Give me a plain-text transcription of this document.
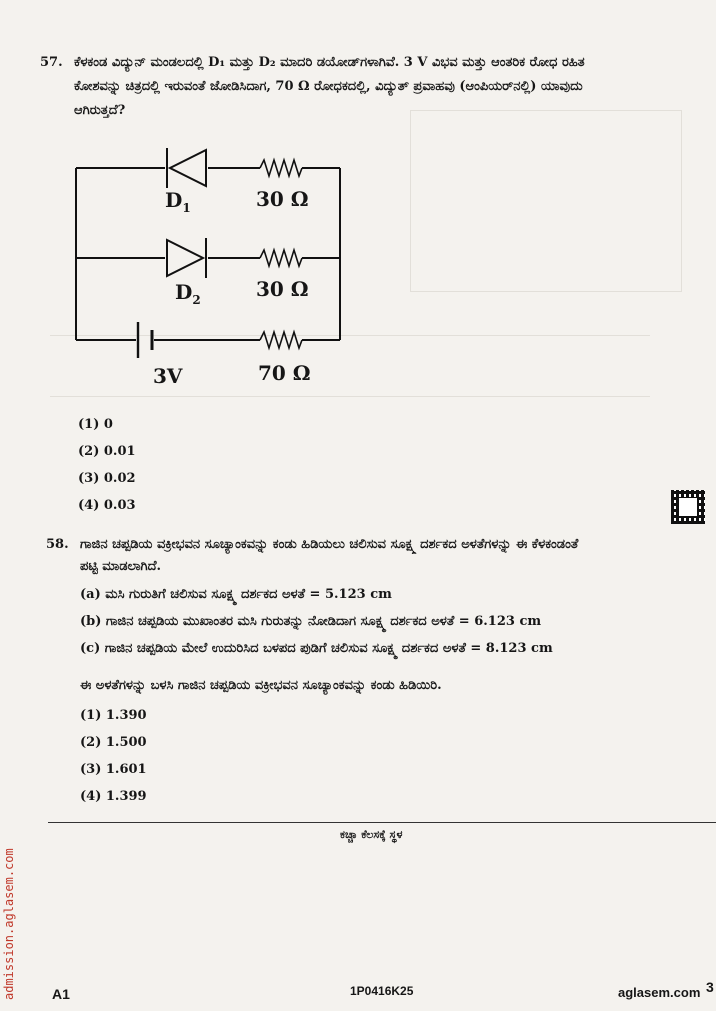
57. ಕೆಳಕಂಡ ವಿದ್ಯುನ್ ಮಂಡಲದಲ್ಲಿ D₁ ಮತ್ತು D₂ ಮಾದರಿ ಡಯೋಡ್‌ಗಳಾಗಿವೆ. 3 V ವಿಭವ ಮತ್ತು ಆಂತರಿಕ ರೋಧ ರಹಿತ
ಕೋಶವನ್ನು ಚಿತ್ರದಲ್ಲಿ ಇರುವಂತೆ ಜೋಡಿಸಿದಾಗ, 70 Ω ರೋಧಕದಲ್ಲಿ, ವಿದ್ಯುತ್ ಪ್ರವಾಹವು (ಆಂಪಿಯರ್‌ನಲ್ಲಿ) ಯಾವುದು
ಆಗಿರುತ್ತದೆ?
$D_1$	30 Ω
$D_2$	30 Ω
3V	70 Ω
(1) 0
(2) 0.01
(3) 0.02
(4) 0.03
58. ಗಾಜಿನ ಚಪ್ಪಡಿಯ ವಕ್ರೀಭವನ ಸೂಚ್ಯಾಂಕವನ್ನು ಕಂಡು ಹಿಡಿಯಲು ಚಲಿಸುವ ಸೂಕ್ಷ್ಮ ದರ್ಶಕದ ಅಳತೆಗಳನ್ನು ಈ ಕೆಳಕಂಡಂತೆ
ಪಟ್ಟಿ ಮಾಡಲಾಗಿದೆ.
(a) ಮಸಿ ಗುರುತಿಗೆ ಚಲಿಸುವ ಸೂಕ್ಷ್ಮ ದರ್ಶಕದ ಅಳತೆ = 5.123 cm
(b) ಗಾಜಿನ ಚಪ್ಪಡಿಯ ಮುಖಾಂತರ ಮಸಿ ಗುರುತನ್ನು ನೋಡಿದಾಗ ಸೂಕ್ಷ್ಮ ದರ್ಶಕದ ಅಳತೆ = 6.123 cm
(c) ಗಾಜಿನ ಚಪ್ಪಡಿಯ ಮೇಲೆ ಉದುರಿಸಿದ ಬಳಪದ ಪುಡಿಗೆ ಚಲಿಸುವ ಸೂಕ್ಷ್ಮ ದರ್ಶಕದ ಅಳತೆ = 8.123 cm
ಈ ಅಳತೆಗಳನ್ನು ಬಳಸಿ ಗಾಜಿನ ಚಪ್ಪಡಿಯ ವಕ್ರೀಭವನ ಸೂಚ್ಯಾಂಕವನ್ನು ಕಂಡು ಹಿಡಿಯಿರಿ.
(1) 1.390
(2) 1.500
(3) 1.601
(4) 1.399
ಕಚ್ಚಾ ಕೆಲಸಕ್ಕೆ ಸ್ಥಳ
A1	1P0416K25	aglasem.com 3
admission.aglasem.com
